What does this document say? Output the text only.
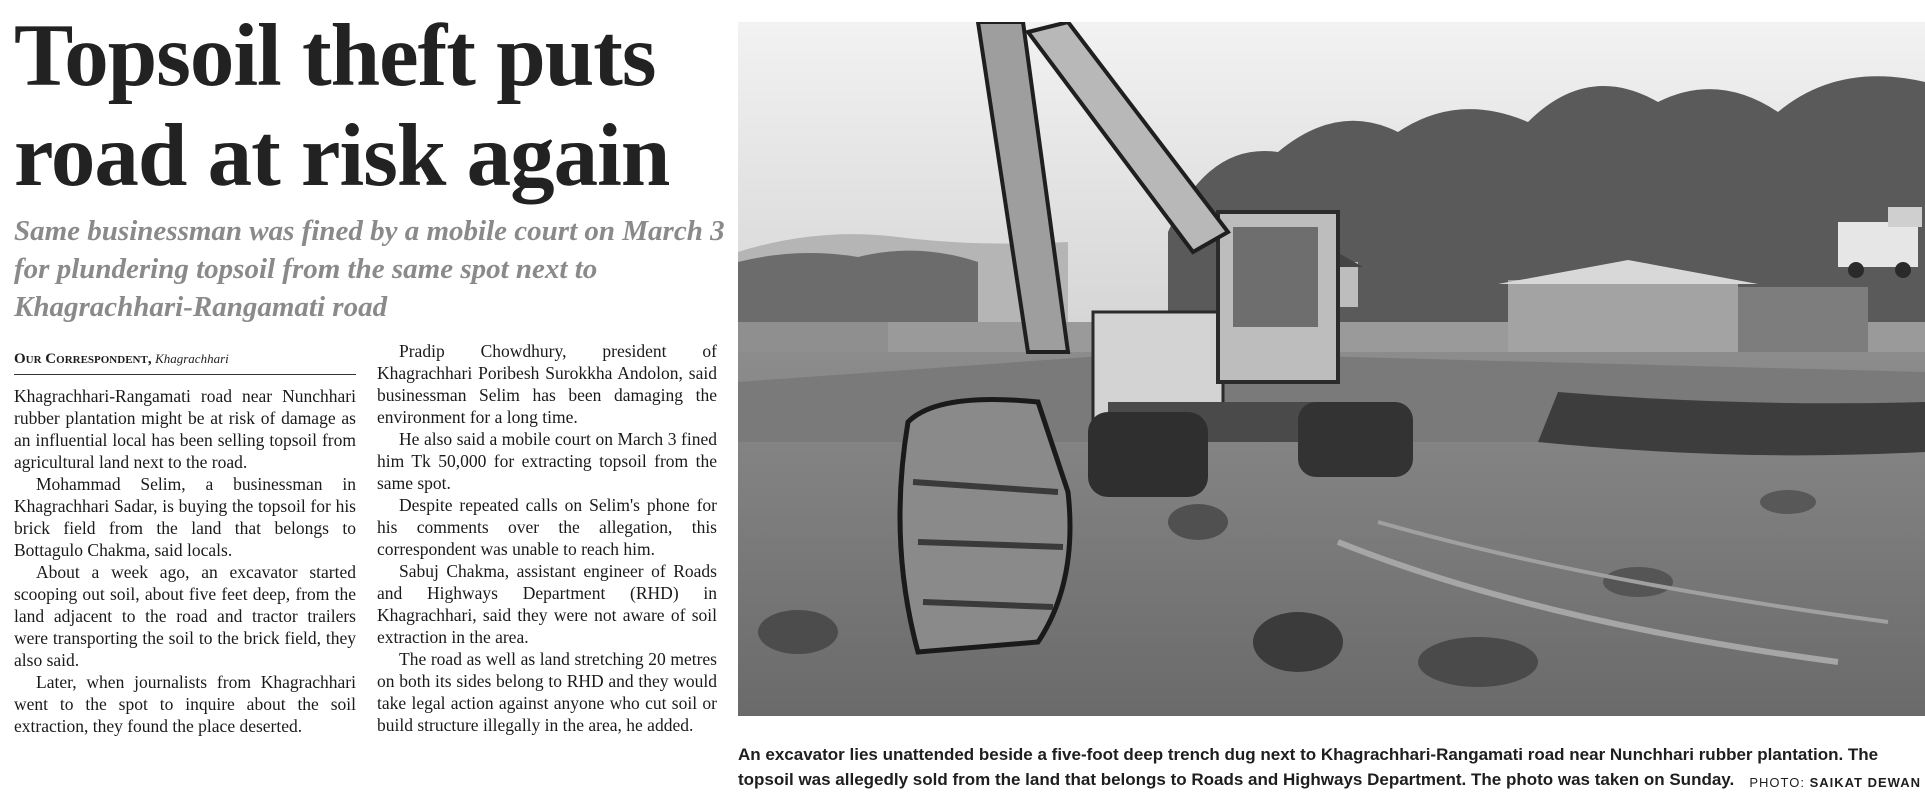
Topsoil theft puts
road at risk again

Same businessman was fined by a mobile court on March 3 for plundering topsoil from the same spot next to Khagrachhari-Rangamati road

Our Correspondent, Khagrachhari

Khagrachhari-Rangamati road near Nunchhari rubber plantation might be at risk of damage as an influential local has been selling topsoil from agricultural land next to the road.

Mohammad Selim, a businessman in Khagrachhari Sadar, is buying the topsoil for his brick field from the land that belongs to Bottagulo Chakma, said locals.

About a week ago, an excavator started scooping out soil, about five feet deep, from the land adjacent to the road and tractor trailers were transporting the soil to the brick field, they also said.

Later, when journalists from Khagrachhari went to the spot to inquire about the soil extraction, they found the place deserted.

Pradip Chowdhury, president of Khagrachhari Poribesh Surokkha Andolon, said businessman Selim has been damaging the environment for a long time.

He also said a mobile court on March 3 fined him Tk 50,000 for extracting topsoil from the same spot.

Despite repeated calls on Selim's phone for his comments over the allegation, this correspondent was unable to reach him.

Sabuj Chakma, assistant engineer of Roads and Highways Department (RHD) in Khagrachhari, said they were not aware of soil extraction in the area.

The road as well as land stretching 20 metres on both its sides belong to RHD and they would take legal action against anyone who cut soil or build structure illegally in the area, he added.

An excavator lies unattended beside a five-foot deep trench dug next to Khagrachhari-Rangamati road near Nunchhari rubber plantation. The topsoil was allegedly sold from the land that belongs to Roads and Highways Department. The photo was taken on Sunday.	PHOTO: SAIKAT DEWAN
